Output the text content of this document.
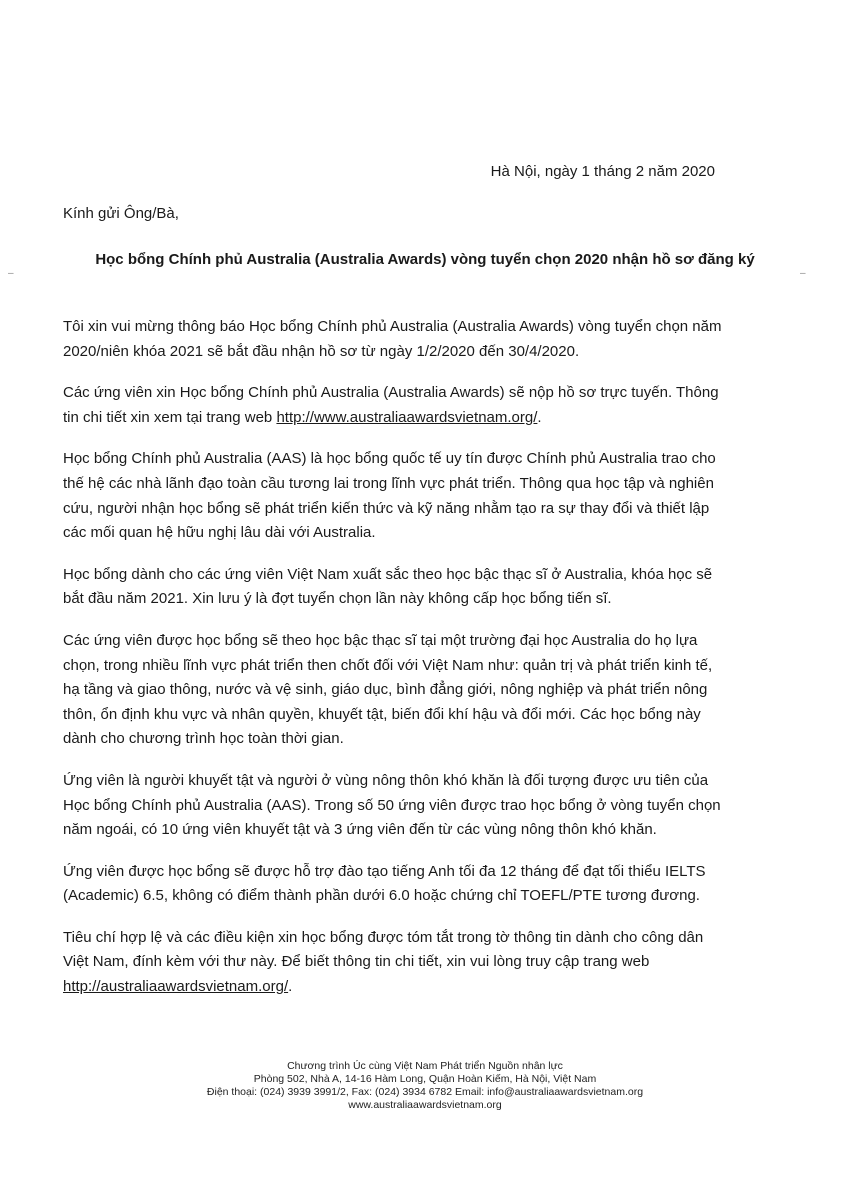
–	–
Hà Nội, ngày 1 tháng 2 năm 2020
Kính gửi Ông/Bà,
Học bổng Chính phủ Australia (Australia Awards) vòng tuyển chọn 2020 nhận hồ sơ đăng ký

Tôi xin vui mừng thông báo Học bổng Chính phủ Australia (Australia Awards) vòng tuyển chọn năm 2020/niên khóa 2021 sẽ bắt đầu nhận hồ sơ từ ngày 1/2/2020 đến 30/4/2020.

Các ứng viên xin Học bổng Chính phủ Australia (Australia Awards) sẽ nộp hồ sơ trực tuyến. Thông tin chi tiết xin xem tại trang web http://www.australiaawardsvietnam.org/.

Học bổng Chính phủ Australia (AAS) là học bổng quốc tế uy tín được Chính phủ Australia trao cho thế hệ các nhà lãnh đạo toàn cầu tương lai trong lĩnh vực phát triển. Thông qua học tập và nghiên cứu, người nhận học bổng sẽ phát triển kiến thức và kỹ năng nhằm tạo ra sự thay đổi và thiết lập các mối quan hệ hữu nghị lâu dài với Australia.

Học bổng dành cho các ứng viên Việt Nam xuất sắc theo học bậc thạc sĩ ở Australia, khóa học sẽ bắt đầu năm 2021. Xin lưu ý là đợt tuyển chọn lần này không cấp học bổng tiến sĩ.

Các ứng viên được học bổng sẽ theo học bậc thạc sĩ tại một trường đại học Australia do họ lựa chọn, trong nhiều lĩnh vực phát triển then chốt đối với Việt Nam như: quản trị và phát triển kinh tế, hạ tầng và giao thông, nước và vệ sinh, giáo dục, bình đẳng giới, nông nghiệp và phát triển nông thôn, ổn định khu vực và nhân quyền, khuyết tật, biến đổi khí hậu và đổi mới. Các học bổng này dành cho chương trình học toàn thời gian.

Ứng viên là người khuyết tật và người ở vùng nông thôn khó khăn là đối tượng được ưu tiên của Học bổng Chính phủ Australia (AAS). Trong số 50 ứng viên được trao học bổng ở vòng tuyển chọn năm ngoái, có 10 ứng viên khuyết tật và 3 ứng viên đến từ các vùng nông thôn khó khăn.

Ứng viên được học bổng sẽ được hỗ trợ đào tạo tiếng Anh tối đa 12 tháng để đạt tối thiểu IELTS (Academic) 6.5, không có điểm thành phần dưới 6.0 hoặc chứng chỉ TOEFL/PTE tương đương.

Tiêu chí hợp lệ và các điều kiện xin học bổng được tóm tắt trong tờ thông tin dành cho công dân Việt Nam, đính kèm với thư này. Để biết thông tin chi tiết, xin vui lòng truy cập trang web http://australiaawardsvietnam.org/.

Chương trình Úc cùng Việt Nam Phát triển Nguồn nhân lực
Phòng 502, Nhà A, 14-16 Hàm Long, Quận Hoàn Kiếm, Hà Nội, Việt Nam
Điện thoại: (024) 3939 3991/2, Fax: (024) 3934 6782 Email: info@australiaawardsvietnam.org
www.australiaawardsvietnam.org
